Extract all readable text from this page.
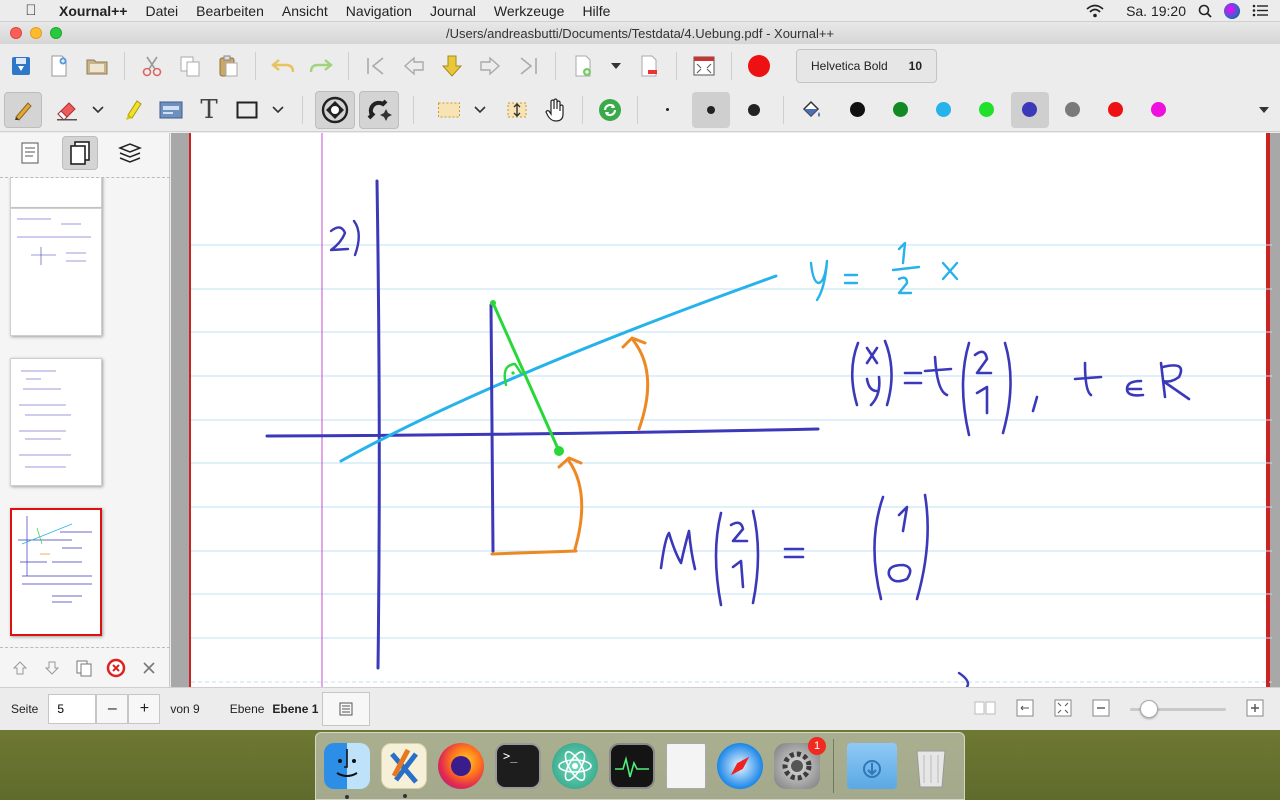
Xournal++	Datei	Bearbeiten	Ansicht	Navigation	Journal	Werkzeuge	Hilfe	Sa. 19:20
/Users/andreasbutti/Documents/Testdata/4.Uebung.pdf - Xournal++
Helvetica Bold 10
T
Seite
5	–	+	von 9	Ebene Ebene 1
>_
1
